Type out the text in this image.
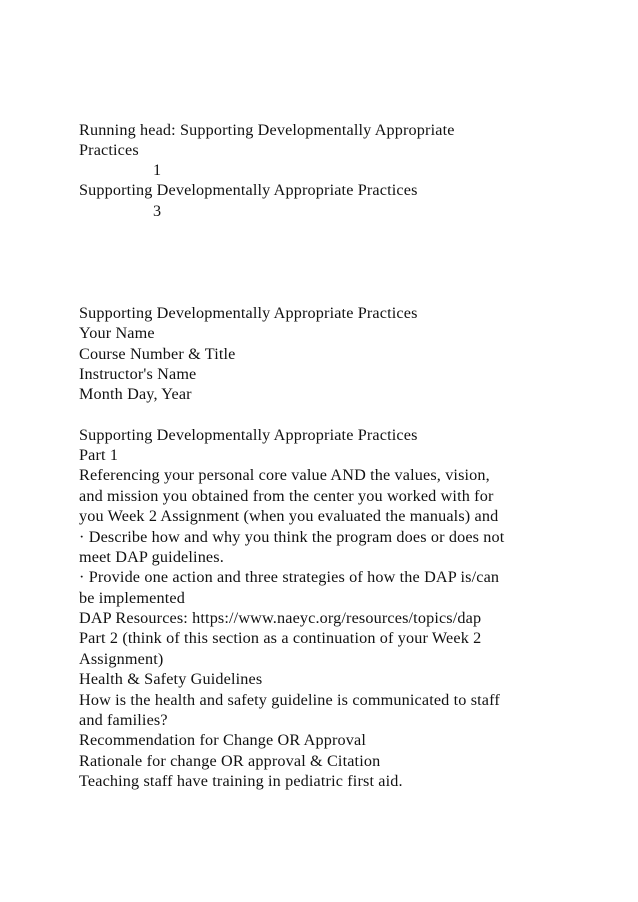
Running head: Supporting Developmentally Appropriate
Practices
1
Supporting Developmentally Appropriate Practices
3
Supporting Developmentally Appropriate Practices
Your Name
Course Number & Title
Instructor's Name
Month Day, Year
Supporting Developmentally Appropriate Practices
Part 1
Referencing your personal core value AND the values, vision,
and mission you obtained from the center you worked with for
you Week 2 Assignment (when you evaluated the manuals) and
· Describe how and why you think the program does or does not
meet DAP guidelines.
· Provide one action and three strategies of how the DAP is/can
be implemented
DAP Resources: https://www.naeyc.org/resources/topics/dap
Part 2 (think of this section as a continuation of your Week 2
Assignment)
Health & Safety Guidelines
How is the health and safety guideline is communicated to staff
and families?
Recommendation for Change OR Approval
Rationale for change OR approval & Citation
Teaching staff have training in pediatric first aid.
